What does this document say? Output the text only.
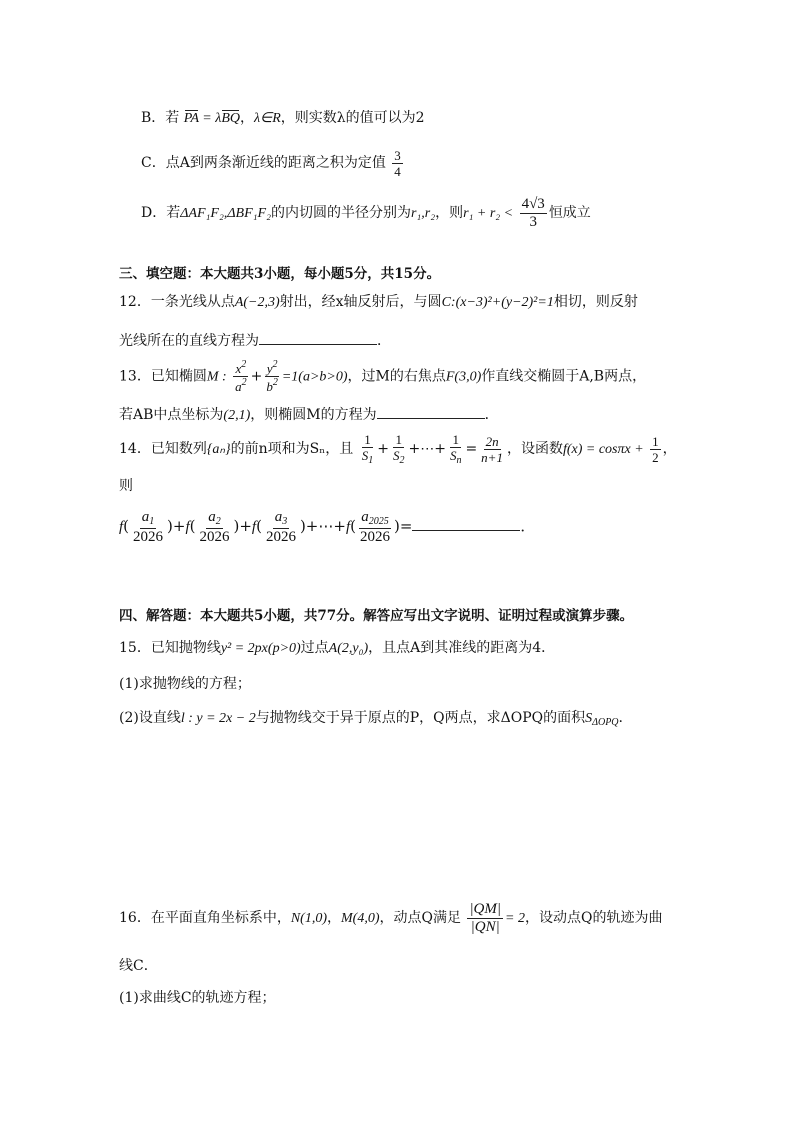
B．若 PA = λBQ，λ∈R，则实数λ的值可以为2
C．点A到两条渐近线的距离之积为定值 $\frac{3}{4}$
D．若ΔAF₁F₂,ΔBF₁F₂的内切圆的半径分别为r₁,r₂，则$r_1 + r_2 < \frac{4√3}{3}$ 恒成立
三、填空题：本大题共3小题，每小题5分，共15分。
12．一条光线从点A(−2,3)射出，经x轴反射后，与圆C:(x−3)²+(y−2)²=1相切，则反射
光线所在的直线方程为	．
13．已知椭圆M : $\frac{x^2}{a^2} + \frac{y^2}{b^2} =1(a>b>0)$，过M的右焦点F(3,0)作直线交椭圆于A,B两点，
若AB中点坐标为(2,1)，则椭圆M的方程为	．
14．已知数列{aₙ}的前n项和为Sₙ，且 $\frac{1}{S_1} + \frac{1}{S_2}$ +⋯+ $\frac{1}{S_n} = \frac{2n}{n+1}$ ，设函数$f(x) = \cos\pi x + \frac{1}{2}$ ，
则
$f( \frac{a_1}{2026} )+f( \frac{a_2}{2026} )+f( \frac{a_3}{2026}$ )+⋯+f( $\frac{a_{2025}}{2026}$ )=	．
四、解答题：本大题共5小题，共77分。解答应写出文字说明、证明过程或演算步骤。
15．已知抛物线y² = 2px(p>0)过点A(2,y₀)，且点A到其准线的距离为4．
(1)求抛物线的方程；
(2)设直线l : y = 2x − 2与抛物线交于异于原点的P，Q两点，求ΔOPQ的面积$S_{\Delta OPQ}$.
16．在平面直角坐标系中，N(1,0)，M(4,0)，动点Q满足 $\frac{|QM|}{|QN|} = 2$，设动点Q的轨迹为曲
线C．
(1)求曲线C的轨迹方程；
